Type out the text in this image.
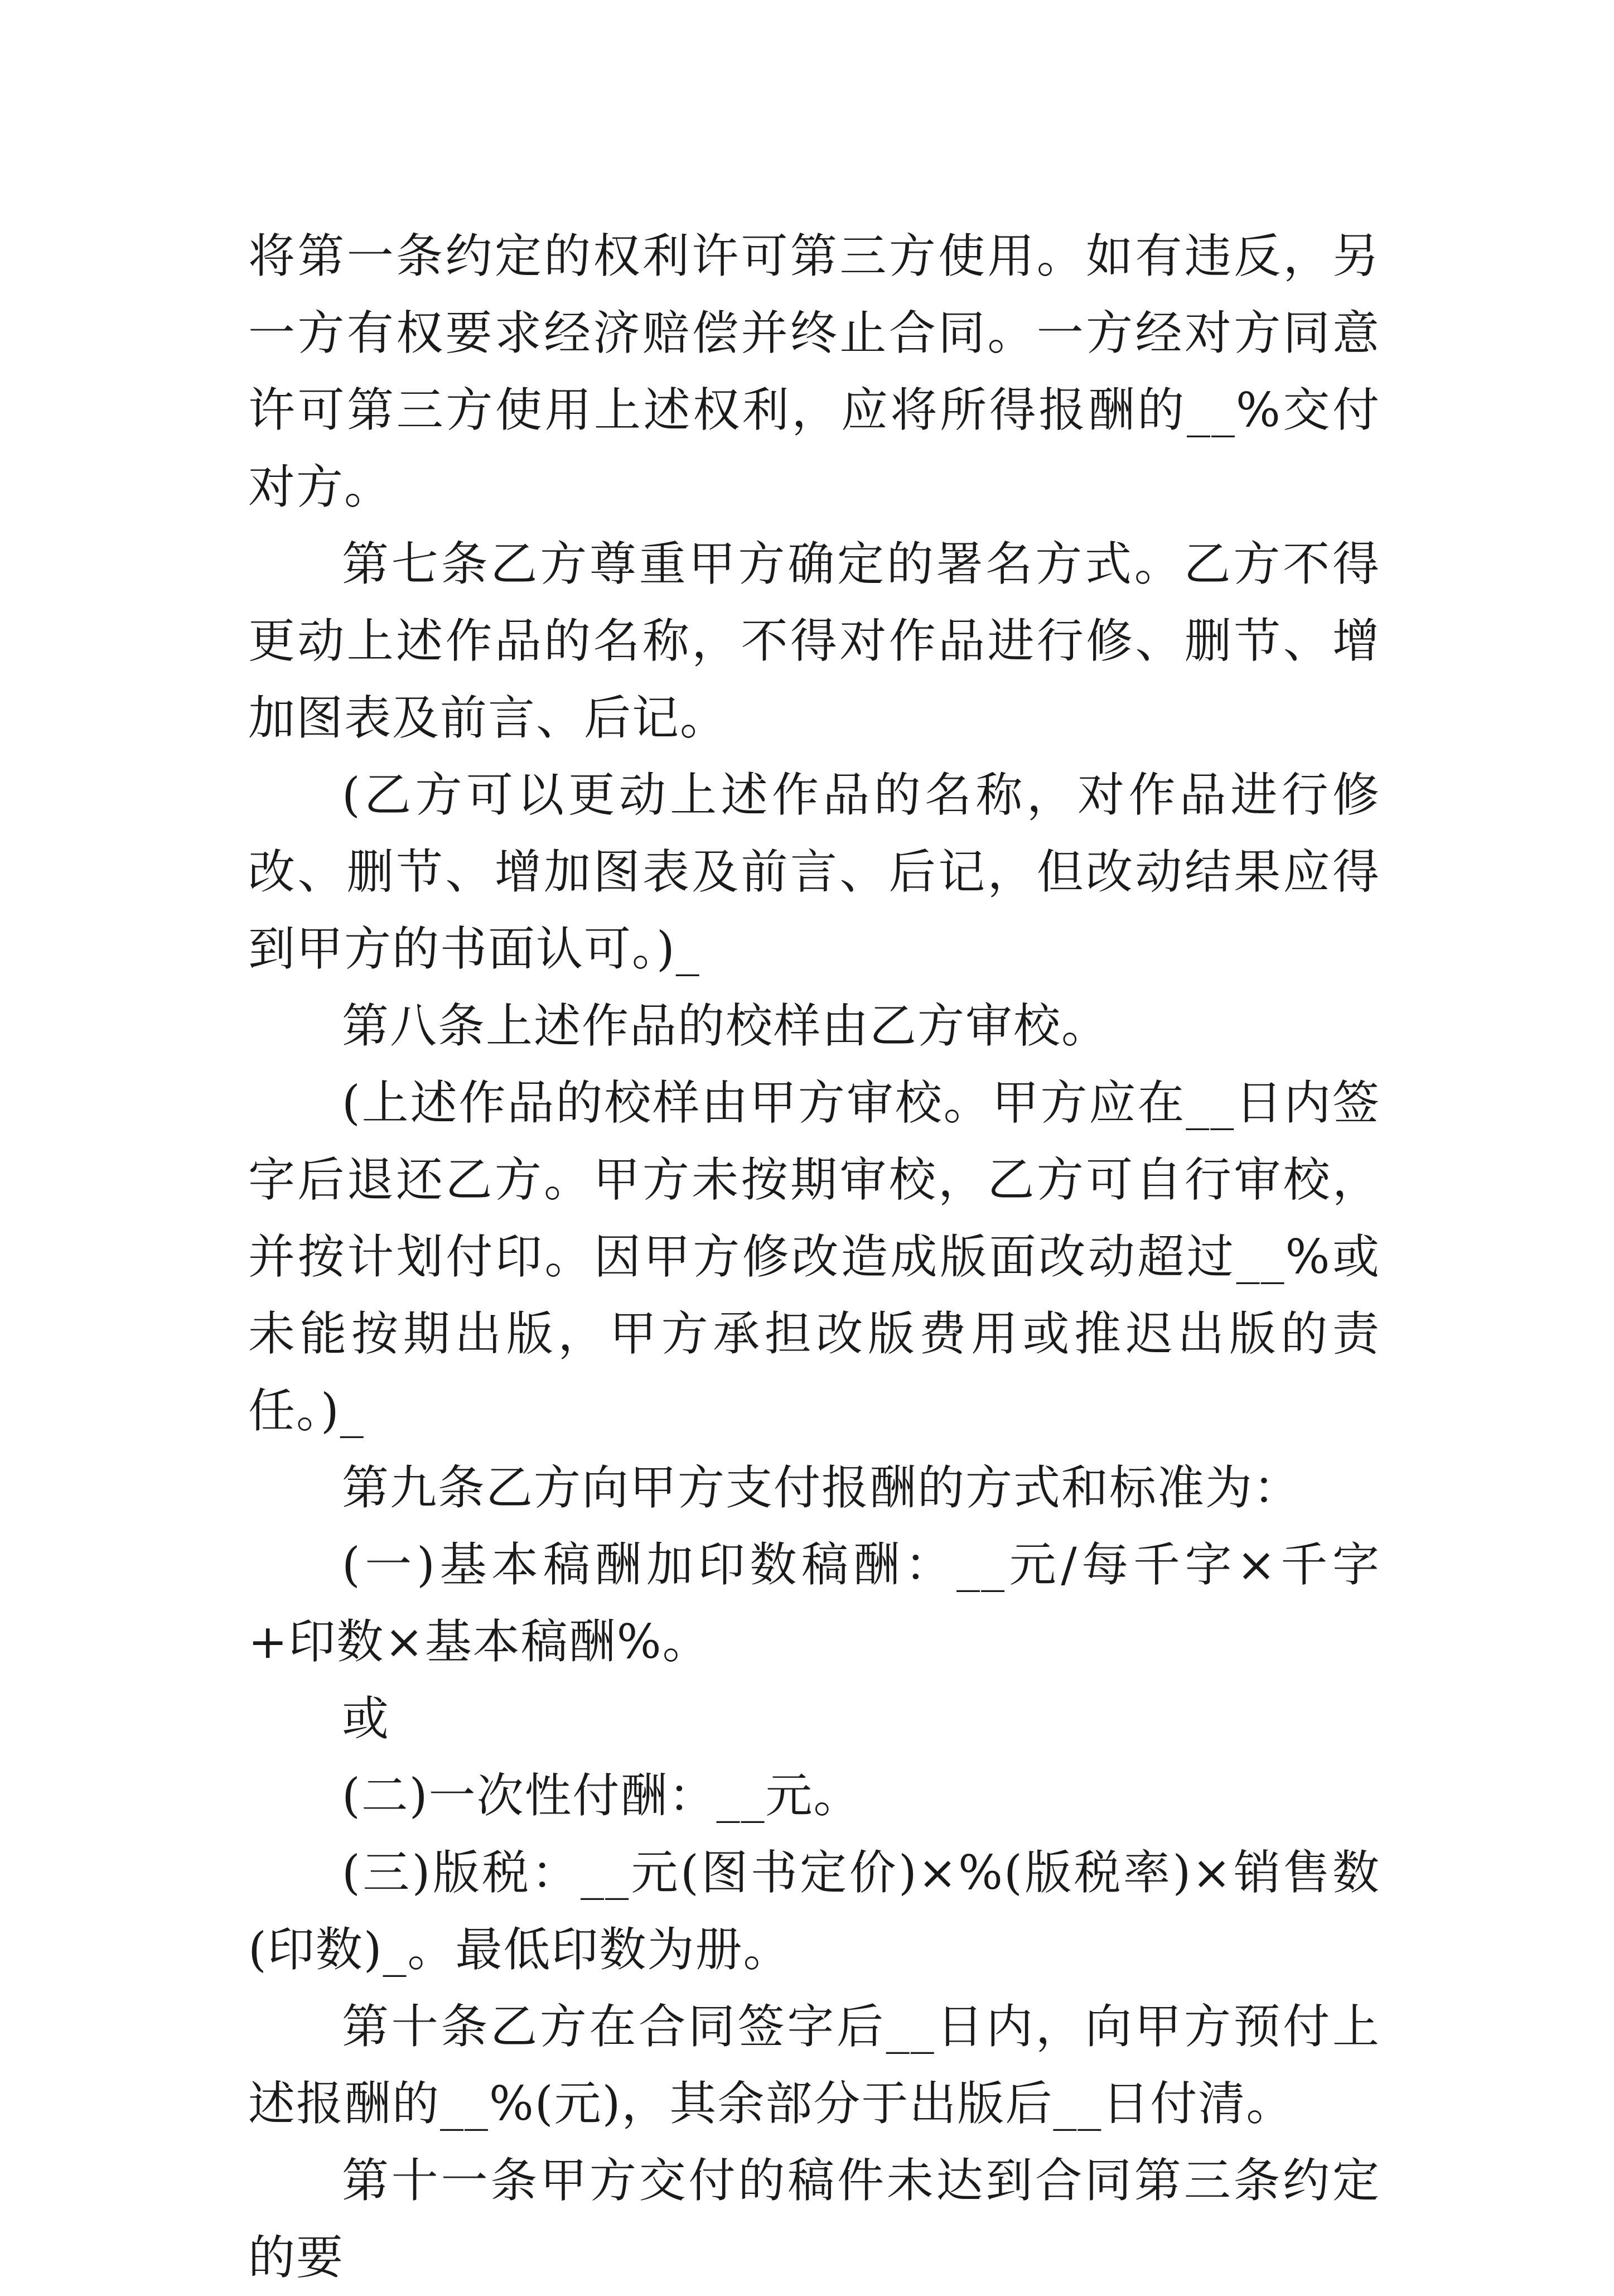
将第一条约定的权利许可第三方使用。如有违反，另一方有权要求经济赔偿并终止合同。一方经对方同意许可第三方使用上述权利，应将所得报酬的__%交付对方。

第七条乙方尊重甲方确定的署名方式。乙方不得更动上述作品的名称，不得对作品进行修、删节、增加图表及前言、后记。

(乙方可以更动上述作品的名称，对作品进行修改、删节、增加图表及前言、后记，但改动结果应得到甲方的书面认可。)_

第八条上述作品的校样由乙方审校。

(上述作品的校样由甲方审校。甲方应在__日内签字后退还乙方。甲方未按期审校，乙方可自行审校，并按计划付印。因甲方修改造成版面改动超过__%或未能按期出版，甲方承担改版费用或推迟出版的责任。)_

第九条乙方向甲方支付报酬的方式和标准为：

(一)基本稿酬加印数稿酬：__元/每千字×千字+印数×基本稿酬%。

或

(二)一次性付酬：__元。

(三)版税：__元(图书定价)×%(版税率)×销售数(印数)_。最低印数为册。

第十条乙方在合同签字后__日内，向甲方预付上述报酬的__%(元)，其余部分于出版后__日付清。

第十一条甲方交付的稿件未达到合同第三条约定的要
